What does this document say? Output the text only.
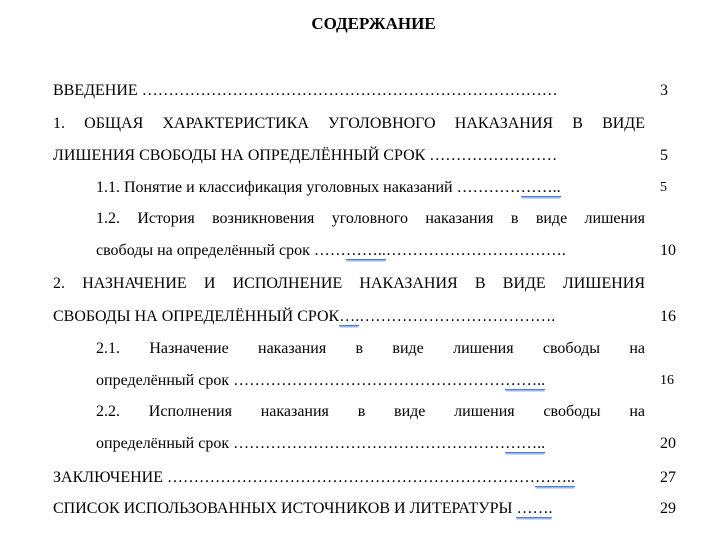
СОДЕРЖАНИЕ
ВВЕДЕНИЕ ……………………………………………………………………	3
1. ОБЩАЯ ХАРАКТЕРИСТИКА УГОЛОВНОГО НАКАЗАНИЯ В ВИДЕ
ЛИШЕНИЯ СВОБОДЫ НА ОПРЕДЕЛЁННЫЙ СРОК ……………………	5
1.1. Понятие и классификация уголовных наказаний ………………..	5
1.2. История возникновения уголовного наказания в виде лишения
свободы на определённый срок …………..…………………………….	10
2. НАЗНАЧЕНИЕ И ИСПОЛНЕНИЕ НАКАЗАНИЯ В ВИДЕ ЛИШЕНИЯ
СВОБОДЫ НА ОПРЕДЕЛЁННЫЙ СРОК….……………………………….	16
2.1. Назначение наказания в виде лишения свободы на
определённый срок …………………………………………………..	16
2.2. Исполнения наказания в виде лишения свободы на
определённый срок …………………………………………………..	20
ЗАКЛЮЧЕНИЕ …………………………………………………………………..	27
СПИСОК ИСПОЛЬЗОВАННЫХ ИСТОЧНИКОВ И ЛИТЕРАТУРЫ …….	29
